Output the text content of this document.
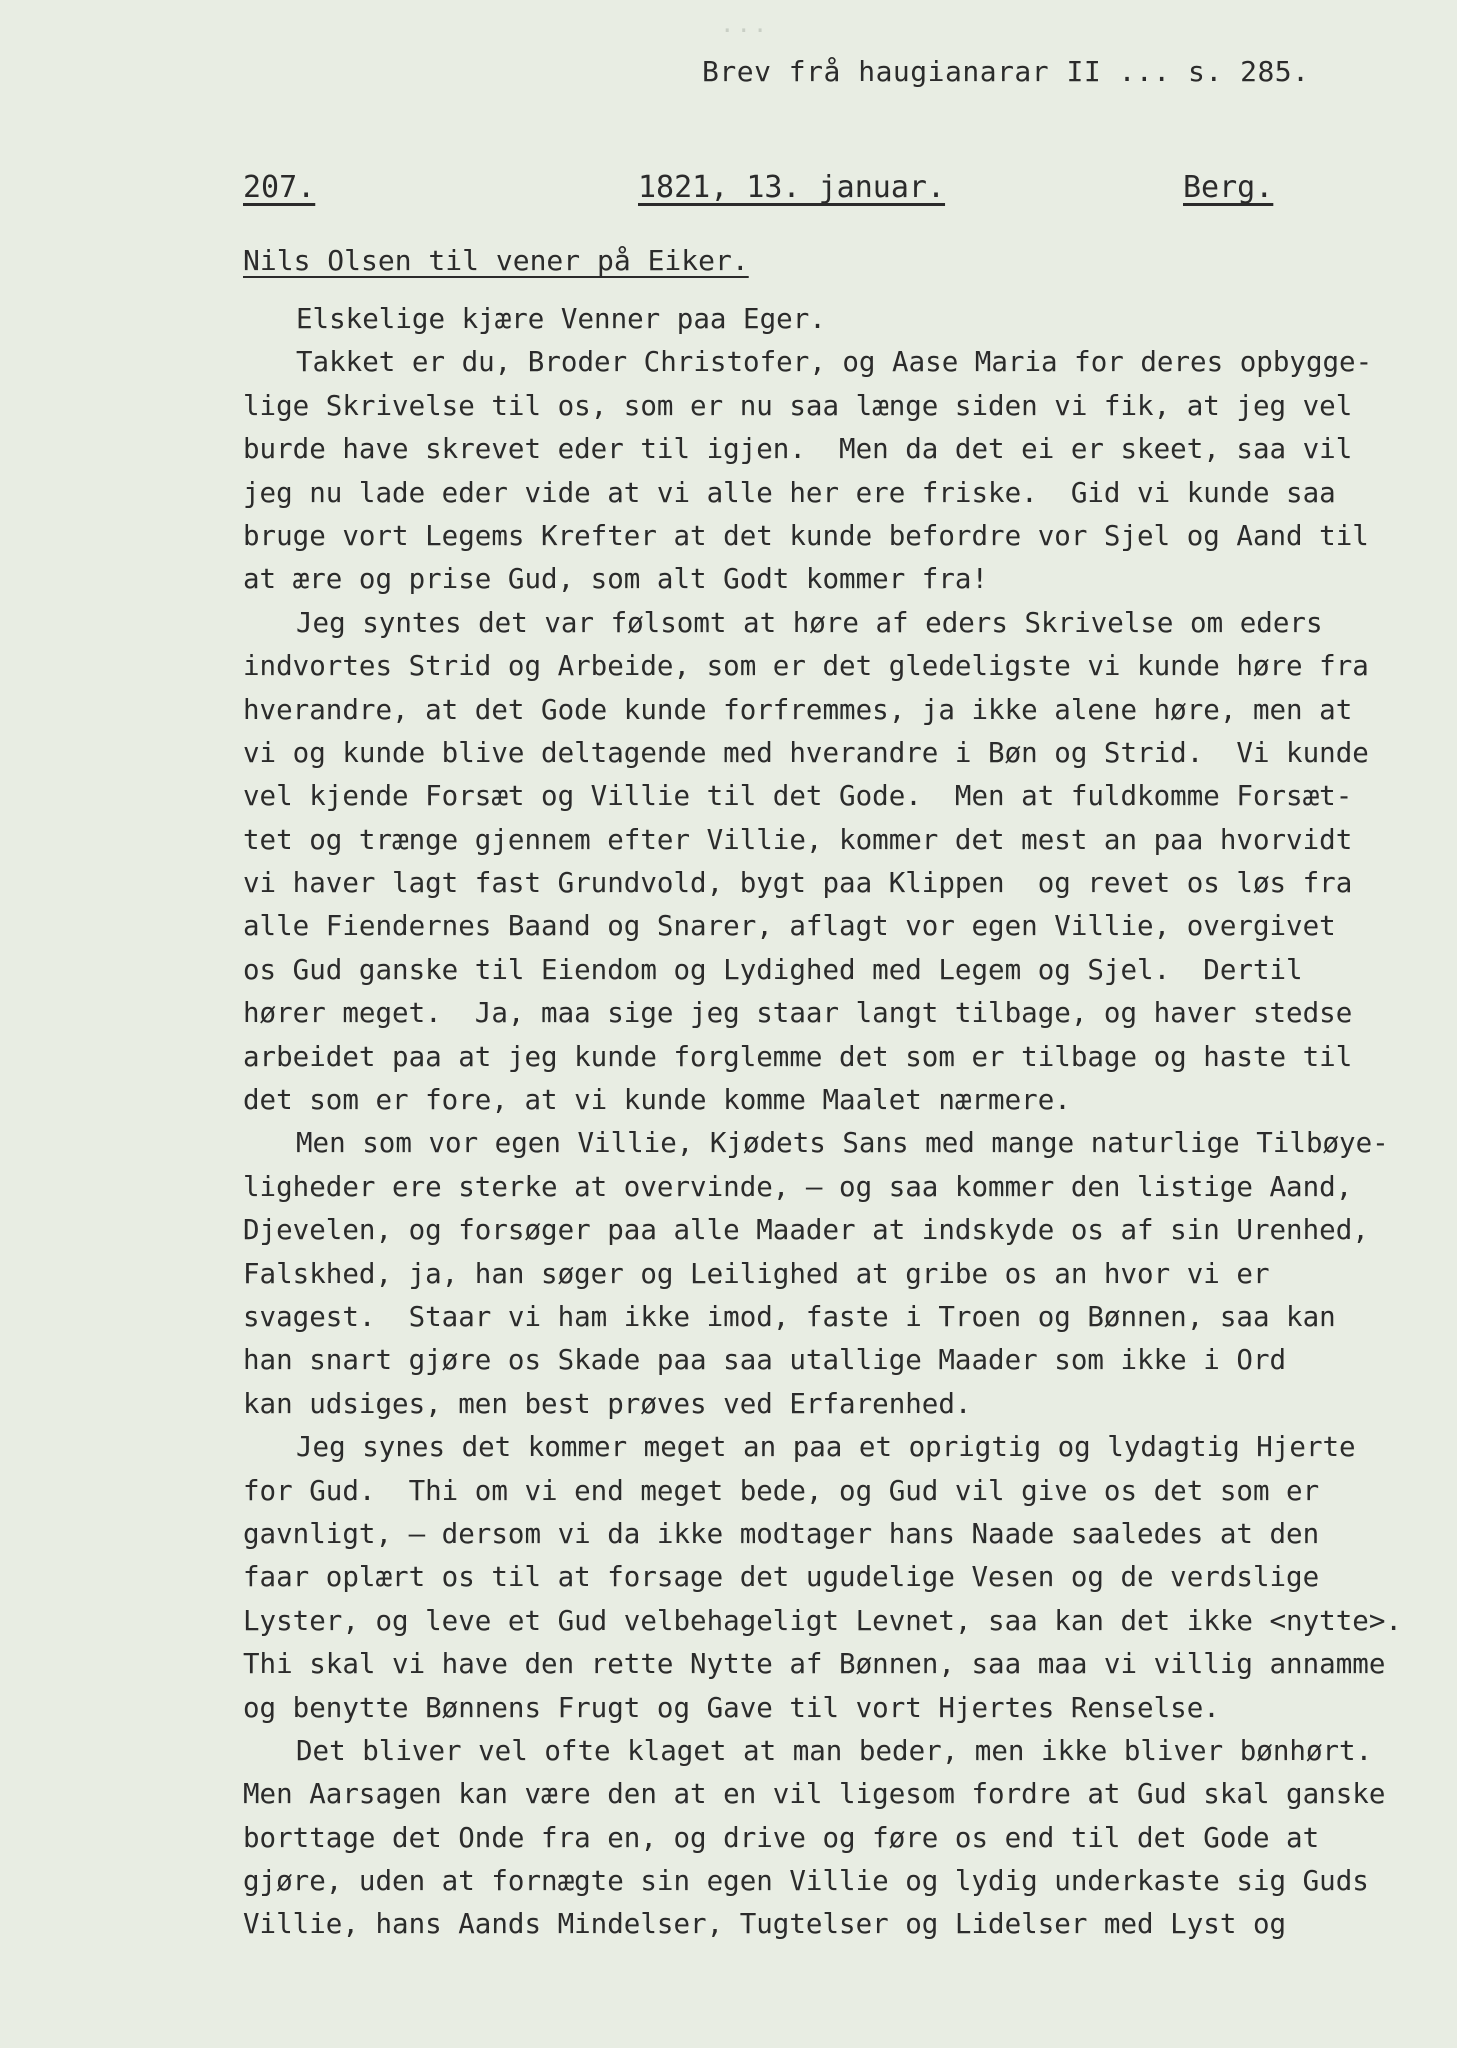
...
Brev frå haugianarar II ... s. 285.
207.	1821, 13. januar.	Berg.
Nils Olsen til vener på Eiker.
Elskelige kjære Venner paa Eger.
Takket er du, Broder Christofer, og Aase Maria for deres opbygge-
lige Skrivelse til os, som er nu saa længe siden vi fik, at jeg vel
burde have skrevet eder til igjen.  Men da det ei er skeet, saa vil
jeg nu lade eder vide at vi alle her ere friske.  Gid vi kunde saa
bruge vort Legems Krefter at det kunde befordre vor Sjel og Aand til
at ære og prise Gud, som alt Godt kommer fra!
Jeg syntes det var følsomt at høre af eders Skrivelse om eders
indvortes Strid og Arbeide, som er det gledeligste vi kunde høre fra
hverandre, at det Gode kunde forfremmes, ja ikke alene høre, men at
vi og kunde blive deltagende med hverandre i Bøn og Strid.  Vi kunde
vel kjende Forsæt og Villie til det Gode.  Men at fuldkomme Forsæt-
tet og trænge gjennem efter Villie, kommer det mest an paa hvorvidt
vi haver lagt fast Grundvold, bygt paa Klippen  og revet os løs fra
alle Fiendernes Baand og Snarer, aflagt vor egen Villie, overgivet
os Gud ganske til Eiendom og Lydighed med Legem og Sjel.  Dertil
hører meget.  Ja, maa sige jeg staar langt tilbage, og haver stedse
arbeidet paa at jeg kunde forglemme det som er tilbage og haste til
det som er fore, at vi kunde komme Maalet nærmere.
Men som vor egen Villie, Kjødets Sans med mange naturlige Tilbøye-
ligheder ere sterke at overvinde, — og saa kommer den listige Aand,
Djevelen, og forsøger paa alle Maader at indskyde os af sin Urenhed,
Falskhed, ja, han søger og Leilighed at gribe os an hvor vi er
svagest.  Staar vi ham ikke imod, faste i Troen og Bønnen, saa kan
han snart gjøre os Skade paa saa utallige Maader som ikke i Ord
kan udsiges, men best prøves ved Erfarenhed.
Jeg synes det kommer meget an paa et oprigtig og lydagtig Hjerte
for Gud.  Thi om vi end meget bede, og Gud vil give os det som er
gavnligt, — dersom vi da ikke modtager hans Naade saaledes at den
faar oplært os til at forsage det ugudelige Vesen og de verdslige
Lyster, og leve et Gud velbehageligt Levnet, saa kan det ikke <nytte>.
Thi skal vi have den rette Nytte af Bønnen, saa maa vi villig annamme
og benytte Bønnens Frugt og Gave til vort Hjertes Renselse.
Det bliver vel ofte klaget at man beder, men ikke bliver bønhørt.
Men Aarsagen kan være den at en vil ligesom fordre at Gud skal ganske
borttage det Onde fra en, og drive og føre os end til det Gode at
gjøre, uden at fornægte sin egen Villie og lydig underkaste sig Guds
Villie, hans Aands Mindelser, Tugtelser og Lidelser med Lyst og
